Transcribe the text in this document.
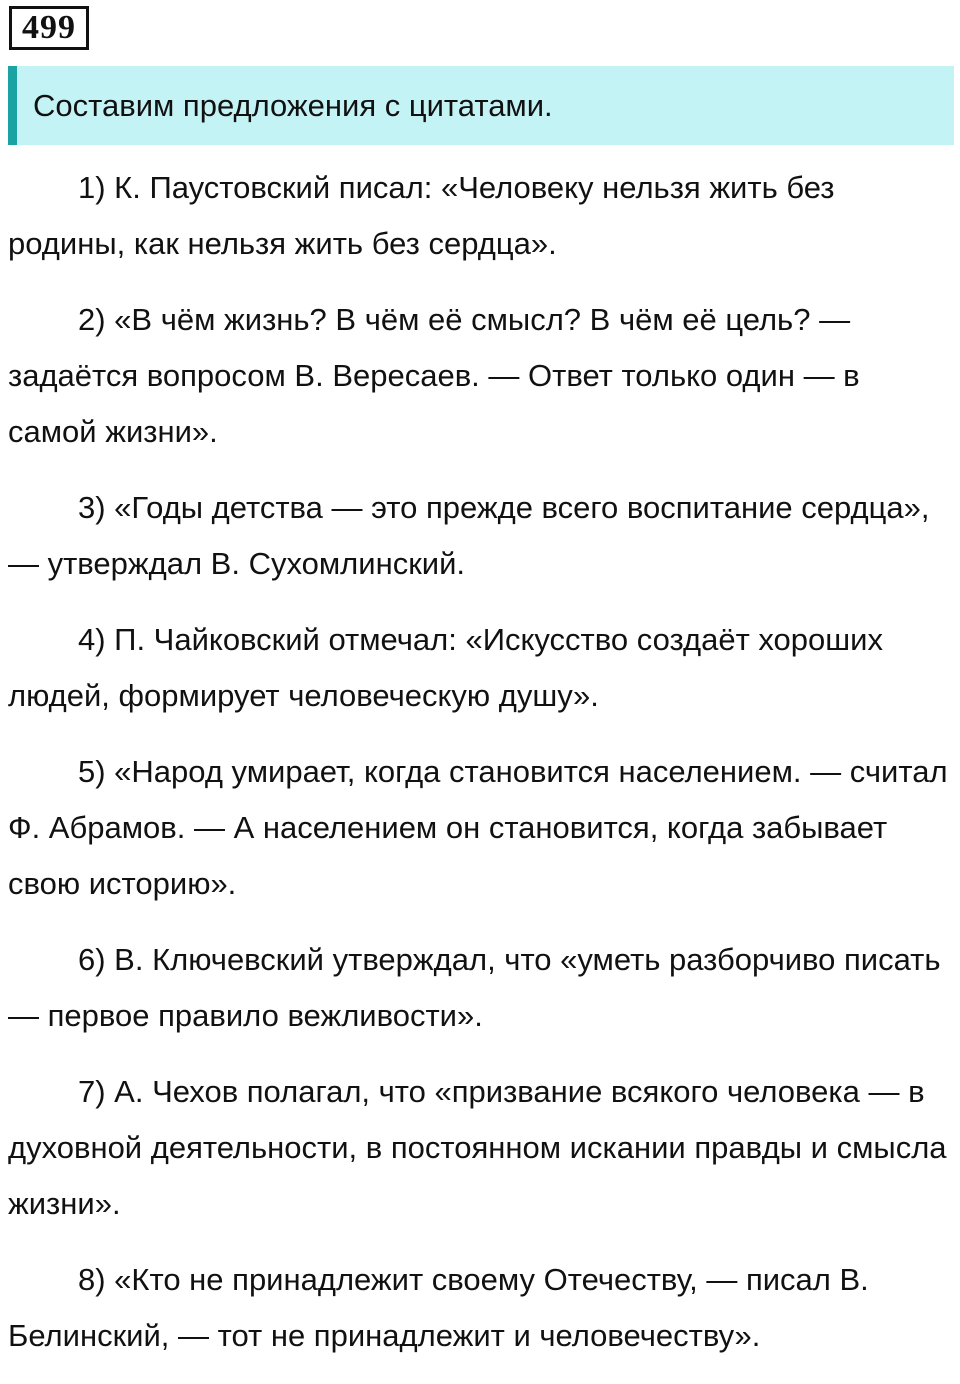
499
Составим предложения с цитатами.

1) К. Паустовский писал: «Человеку нельзя жить без родины, как нельзя жить без сердца».

2) «В чём жизнь? В чём её смысл? В чём её цель? — задаётся вопросом В. Вересаев. — Ответ только один — в самой жизни».

3) «Годы детства — это прежде всего воспитание сердца», — утверждал В. Сухомлинский.

4) П. Чайковский отмечал: «Искусство создаёт хороших людей, формирует человеческую душу».

5) «Народ умирает, когда становится населением. — считал Ф. Абрамов. — А населением он становится, когда забывает свою историю».

6) В. Ключевский утверждал, что «уметь разборчиво писать — первое правило вежливости».

7) А. Чехов полагал, что «призвание всякого человека — в духовной деятельности, в постоянном искании правды и смысла жизни».

8) «Кто не принадлежит своему Отечеству, — писал В. Белинский, — тот не принадлежит и человечеству».
